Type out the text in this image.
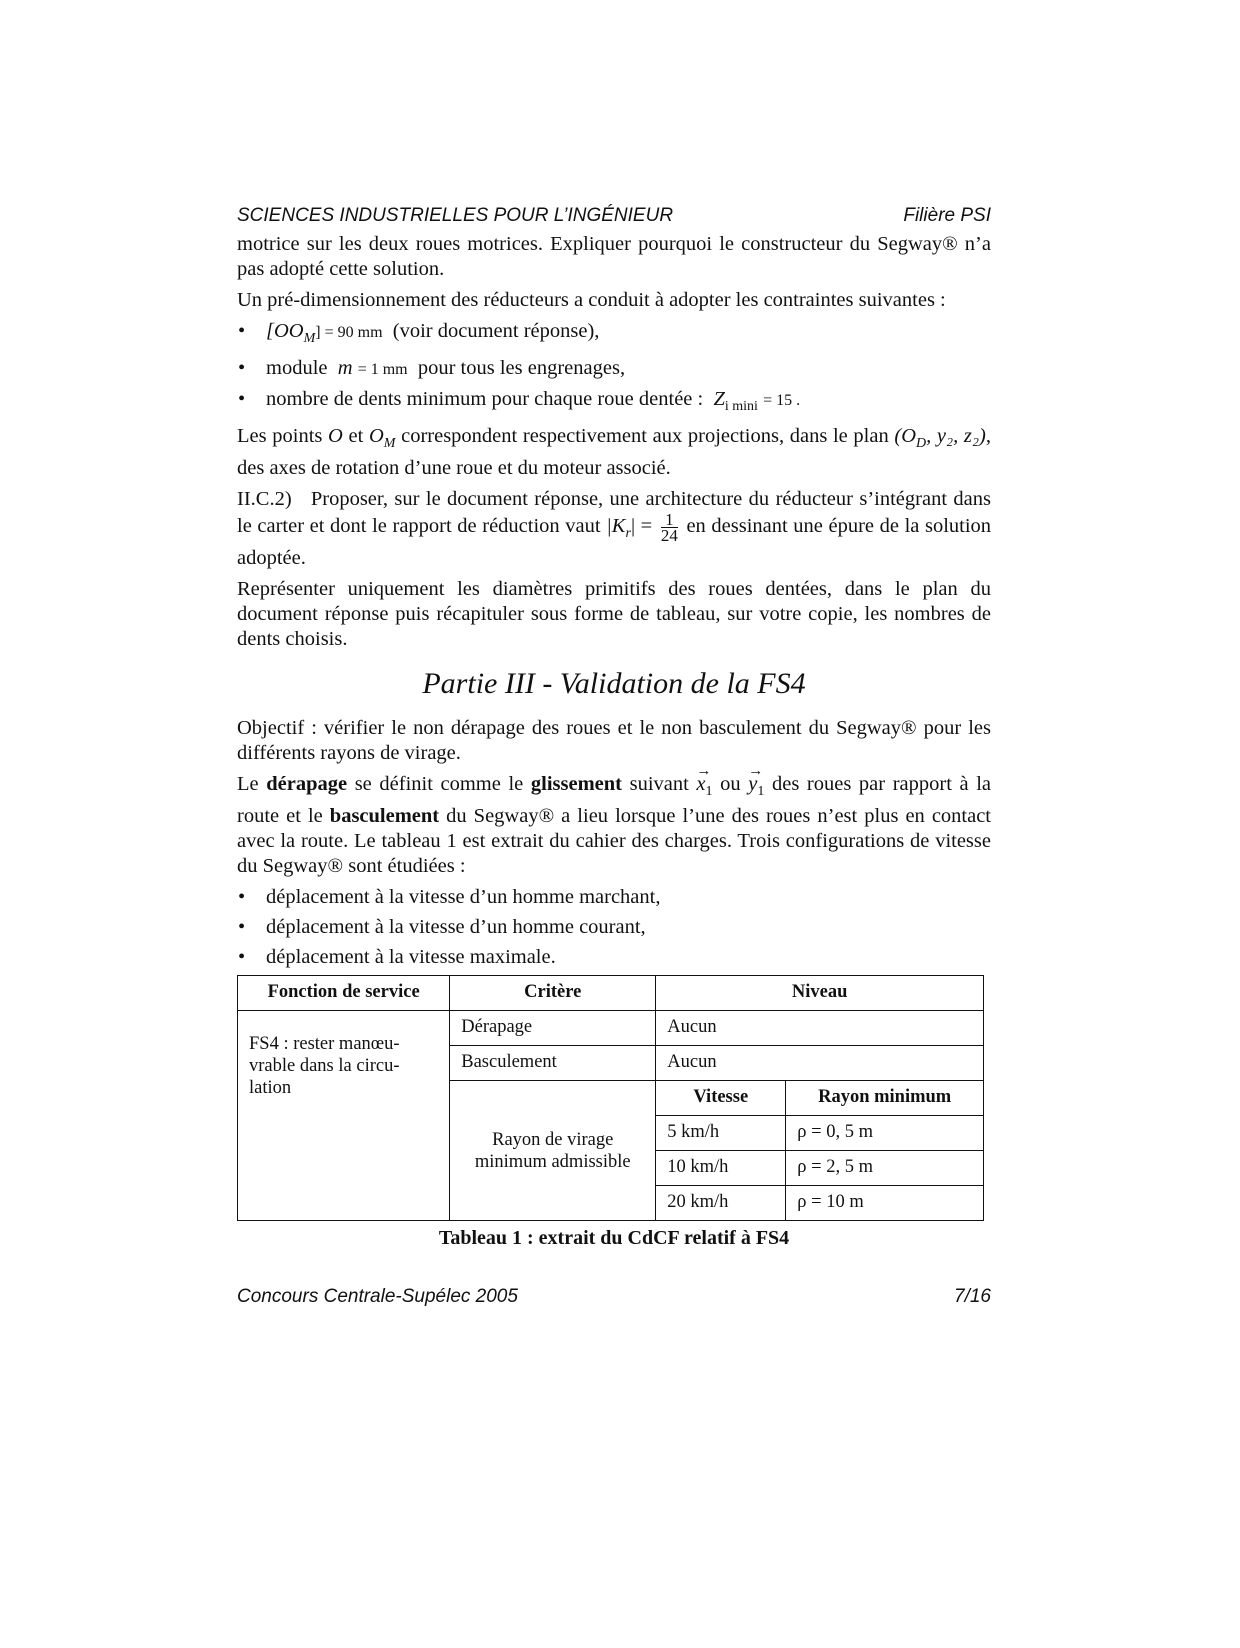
SCIENCES INDUSTRIELLES POUR L’INGÉNIEUR	Filière PSI

motrice sur les deux roues motrices. Expliquer pourquoi le constructeur du Segway® n’a pas adopté cette solution.

Un pré-dimensionnement des réducteurs a conduit à adopter les contraintes suivantes :

• $[OO_M] = 90$ mm (voir document réponse),
• module m = 1 mm pour tous les engrenages,
• nombre de dents minimum pour chaque roue dentée : $Z_{i mini} = 15$ .

Les points O et $O_M$ correspondent respectivement aux projections, dans le plan ($O_D$, y₂, z₂), des axes de rotation d’une roue et du moteur associé.

II.C.2) Proposer, sur le document réponse, une architecture du réducteur s’intégrant dans le carter et dont le rapport de réduction vaut $|K_r| = \frac{1}{24}$ en dessinant une épure de la solution adoptée.

Représenter uniquement les diamètres primitifs des roues dentées, dans le plan du document réponse puis récapituler sous forme de tableau, sur votre copie, les nombres de dents choisis.

Partie III - Validation de la FS4

Objectif : vérifier le non dérapage des roues et le non basculement du Segway® pour les différents rayons de virage.

Le dérapage se définit comme le glissement suivant
→
$x_1$ ou
→
$y_1$ des roues par rapport à la route et le basculement du Segway® a lieu lorsque l’une des roues n’est plus en contact avec la route. Le tableau 1 est extrait du cahier des charges. Trois configurations de vitesse du Segway® sont étudiées :

• déplacement à la vitesse d’un homme marchant,
• déplacement à la vitesse d’un homme courant,
• déplacement à la vitesse maximale.
Fonction de service	Critère	Niveau	
FS4 : rester manœu-vrable dans la circu-lation	Dérapage	Aucun	
	Basculement	Aucun	
	Rayon de virage minimum admissible	Vitesse	Rayon minimum
		5 km/h	ρ = 0, 5 m
		10 km/h	ρ = 2, 5 m
		20 km/h	ρ = 10 m
Tableau 1 : extrait du CdCF relatif à FS4
Concours Centrale-Supélec 2005	7/16
